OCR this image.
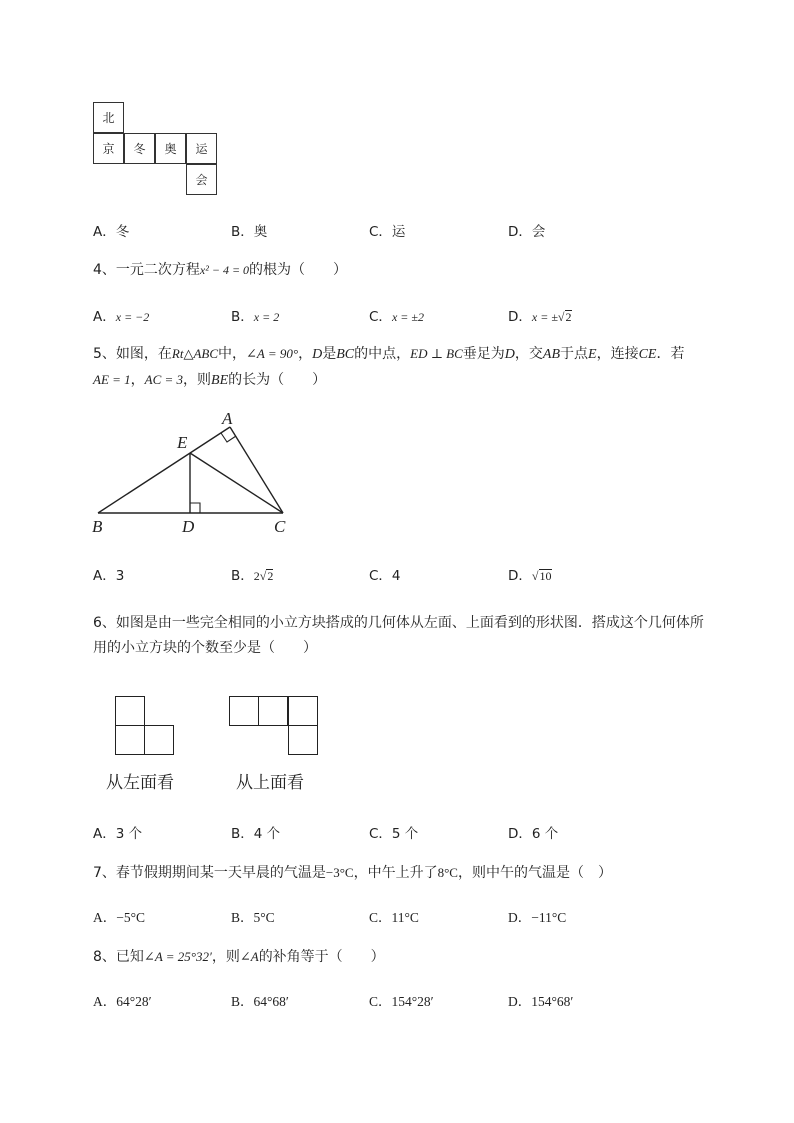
北
京	冬	奥	运
会
A．冬	B．奥	C．运	D．会
4、一元二次方程x² − 4 = 0的根为（　　）
A．x = −2	B．x = 2	C．x = ±2	D．x = ±√2
5、如图，在Rt△ABC中，∠A = 90°，D是BC的中点，ED ⊥ BC垂足为D，交AB于点E，连接CE．若
AE = 1，AC = 3，则BE的长为（　　）
A
B	C
D
E
A．3	B．2√2	C．4	D．√10
6、如图是由一些完全相同的小立方块搭成的几何体从左面、上面看到的形状图．搭成这个几何体所
用的小立方块的个数至少是（　　）
从左面看	从上面看
A．3 个	B．4 个	C．5 个	D．6 个
7、春节假期期间某一天早晨的气温是−3°C，中午上升了8°C，则中午的气温是（　）
A．−5°C	B．5°C	C．11°C	D．−11°C
8、已知∠A = 25°32′，则∠A的补角等于（　　）
A．64°28′	B．64°68′	C．154°28′	D．154°68′
